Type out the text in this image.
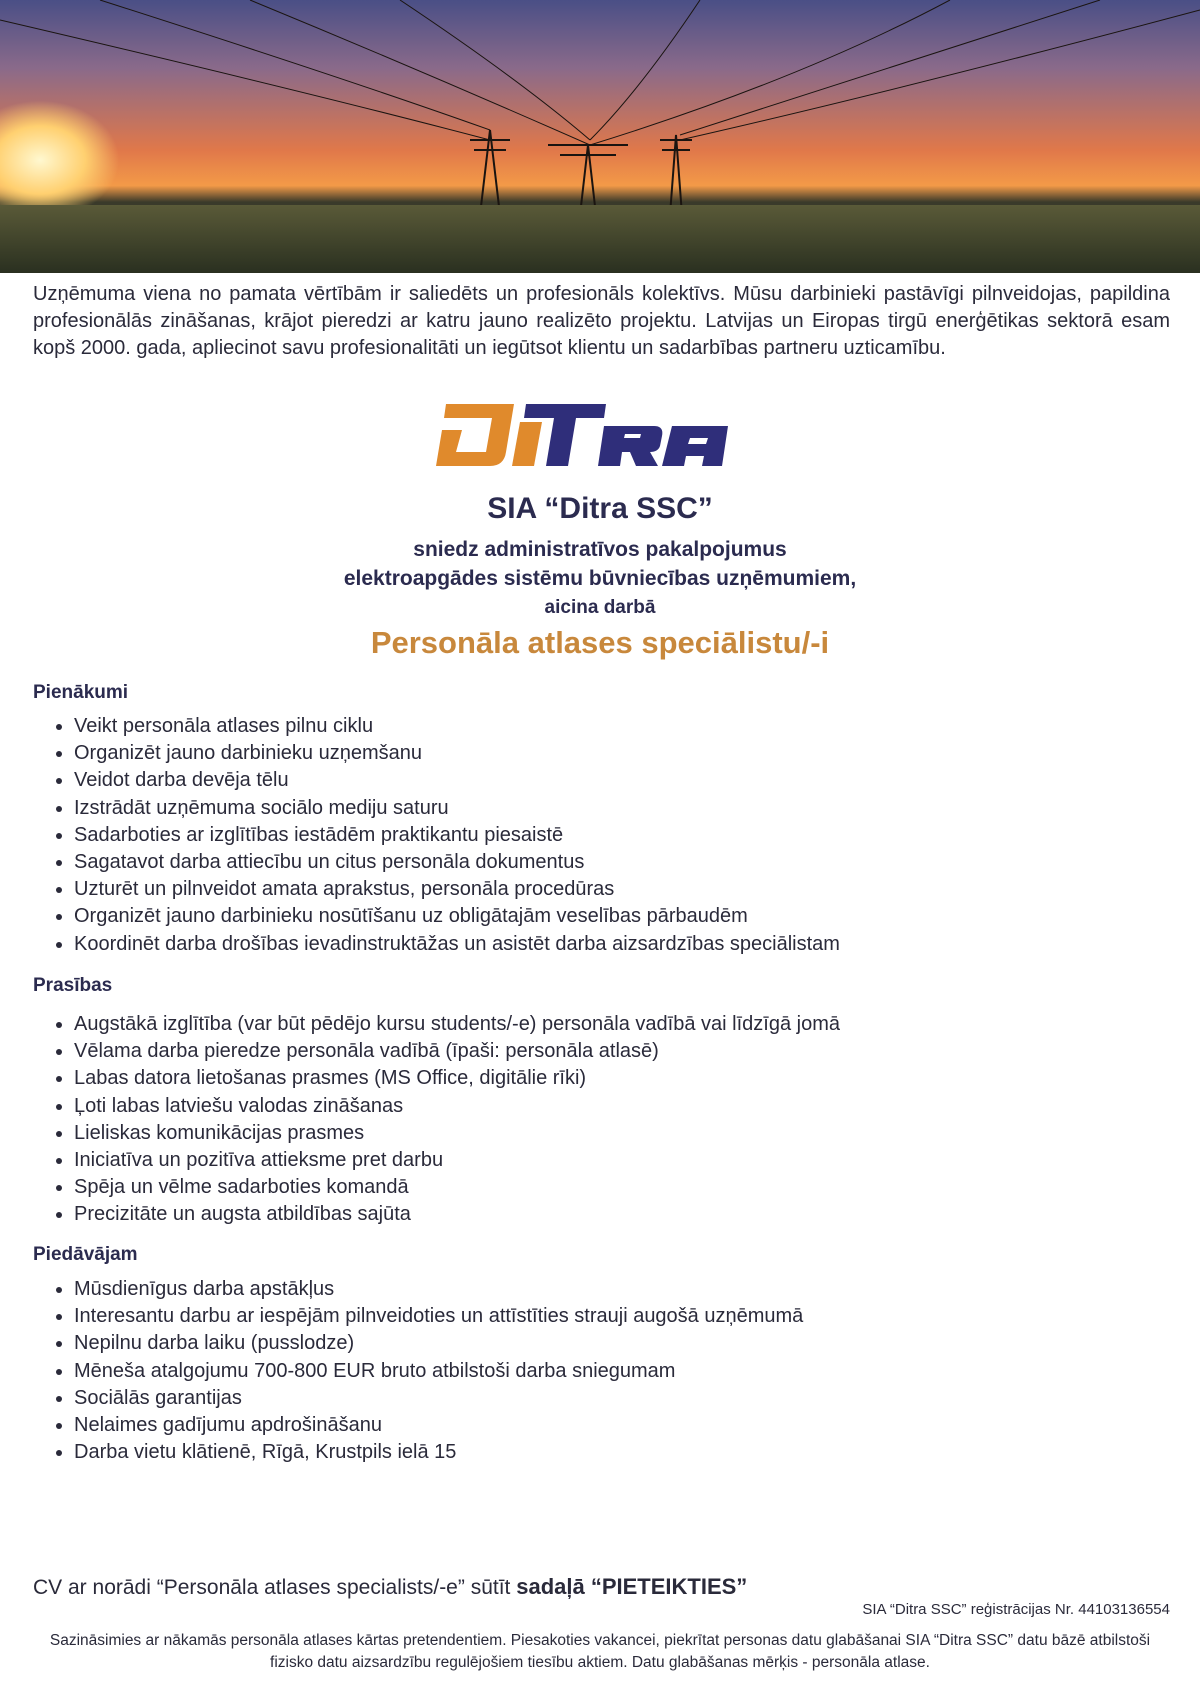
Uzņēmuma viena no pamata vērtībām ir saliedēts un profesionāls kolektīvs. Mūsu darbinieki pastāvīgi pilnveidojas, papildina profesionālās zināšanas, krājot pieredzi ar katru jauno realizēto projektu. Latvijas un Eiropas tirgū enerģētikas sektorā esam kopš 2000. gada, apliecinot savu profesionalitāti un iegūtsot klientu un sadarbības partneru uzticamību.

SIA “Ditra SSC”
sniedz administratīvos pakalpojumus
elektroapgādes sistēmu būvniecības uzņēmumiem,
aicina darbā
Personāla atlases speciālistu/-i
Pienākumi
• Veikt personāla atlases pilnu ciklu
• Organizēt jauno darbinieku uzņemšanu
• Veidot darba devēja tēlu
• Izstrādāt uzņēmuma sociālo mediju saturu
• Sadarboties ar izglītības iestādēm praktikantu piesaistē
• Sagatavot darba attiecību un citus personāla dokumentus
• Uzturēt un pilnveidot amata aprakstus, personāla procedūras
• Organizēt jauno darbinieku nosūtīšanu uz obligātajām veselības pārbaudēm
• Koordinēt darba drošības ievadinstruktāžas un asistēt darba aizsardzības speciālistam
Prasības
• Augstākā izglītība (var būt pēdējo kursu students/-e) personāla vadībā vai līdzīgā jomā
• Vēlama darba pieredze personāla vadībā (īpaši: personāla atlasē)
• Labas datora lietošanas prasmes (MS Office, digitālie rīki)
• Ļoti labas latviešu valodas zināšanas
• Lieliskas komunikācijas prasmes
• Iniciatīva un pozitīva attieksme pret darbu
• Spēja un vēlme sadarboties komandā
• Precizitāte un augsta atbildības sajūta
Piedāvājam
• Mūsdienīgus darba apstākļus
• Interesantu darbu ar iespējām pilnveidoties un attīstīties strauji augošā uzņēmumā
• Nepilnu darba laiku (pusslodze)
• Mēneša atalgojumu 700-800 EUR bruto atbilstoši darba sniegumam
• Sociālās garantijas
• Nelaimes gadījumu apdrošināšanu
• Darba vietu klātienē, Rīgā, Krustpils ielā 15
CV ar norādi “Personāla atlases specialists/-e” sūtīt sadaļā “PIETEIKTIES”
SIA “Ditra SSC” reģistrācijas Nr. 44103136554

Sazināsimies ar nākamās personāla atlases kārtas pretendentiem. Piesakoties vakancei, piekrītat personas datu glabāšanai SIA “Ditra SSC” datu bāzē atbilstoši fizisko datu aizsardzību regulējošiem tiesību aktiem. Datu glabāšanas mērķis - personāla atlase.
